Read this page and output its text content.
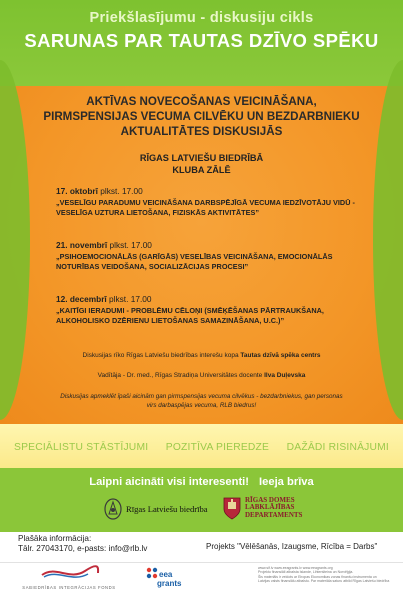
Priekšlasījumu - diskusiju cikls
SARUNAS PAR TAUTAS DZĪVO SPĒKU
AKTĪVAS NOVECOŠANAS VEICINĀŠANA,
PIRMSPENSIJAS VECUMA CILVĒKU UN BEZDARBNIEKU
AKTUALITĀTES DISKUSIJĀS
RĪGAS LATVIEŠU BIEDRĪBĀ
KLUBA ZĀLĒ
17. oktobrī plkst. 17.00
„VESELĪGU PARADUMU VEICINĀŠANA DARBSPĒJĪGĀ VECUMA IEDZĪVOTĀJU VIDŪ -
VESELĪGA UZTURA LIETOŠANA, FIZISKĀS AKTIVITĀTES”
21. novembrī plkst. 17.00
„PSIHOEMOCIONĀLĀS (GARĪGĀS) VESELĪBAS VEICINĀŠANA, EMOCIONĀLĀS
NOTURĪBAS VEIDOŠANA, SOCIALIZĀCIJAS PROCESI”
12. decembrī plkst. 17.00
„KAITĪGI IERADUMI - PROBLĒMU CĒLOŅI (SMĒĶĒŠANAS PĀRTRAUKŠANA,
ALKOHOLISKO DZĒRIENU LIETOŠANAS SAMAZINĀŠANA, U.C.)”
Diskusijas rīko Rīgas Latviešu biedrības interešu kopa Tautas dzīvā spēka centrs
Vadītāja - Dr. med., Rīgas Stradiņa Universitātes docente Ilva Duļevska
Diskusijas apmeklēt īpaši aicinām gan pirmspensijas vecuma cilvēkus - bezdarbniekus, gan personas
virs darbaspējas vecuma, RLB biedrus!
SPECIĀLISTU STĀSTĪJUMI POZITĪVA PIEREDZE DAŽĀDI RISINĀJUMI
Laipni aicināti visi interesenti! Ieeja brīva
Rīgas Latviešu biedrība
RĪGAS DOMES
LABKLĀJĪBAS
DEPARTAMENTS
Plašāka informācija:
Tālr. 27043170, e-pasts: info@rlb.lv	Projekts "Vēlēšanās, Izaugsme, Rīcība = Darbs"
SABIEDRĪBAS INTEGRĀCIJAS FONDS
eea
grants
www.sif.lv www.eeagrants.lv www.eeagrants.org
Projektu finansiāli atbalsta Islande, Lihtenšteina un Norvēģija.
Šis materiāls ir veidots ar Eiropas Ekonomikas zonas finanšu instrumenta un
Latvijas valsts finansiālu atbalstu. Par materiāla saturu atbild Rīgas Latviešu biedrība
